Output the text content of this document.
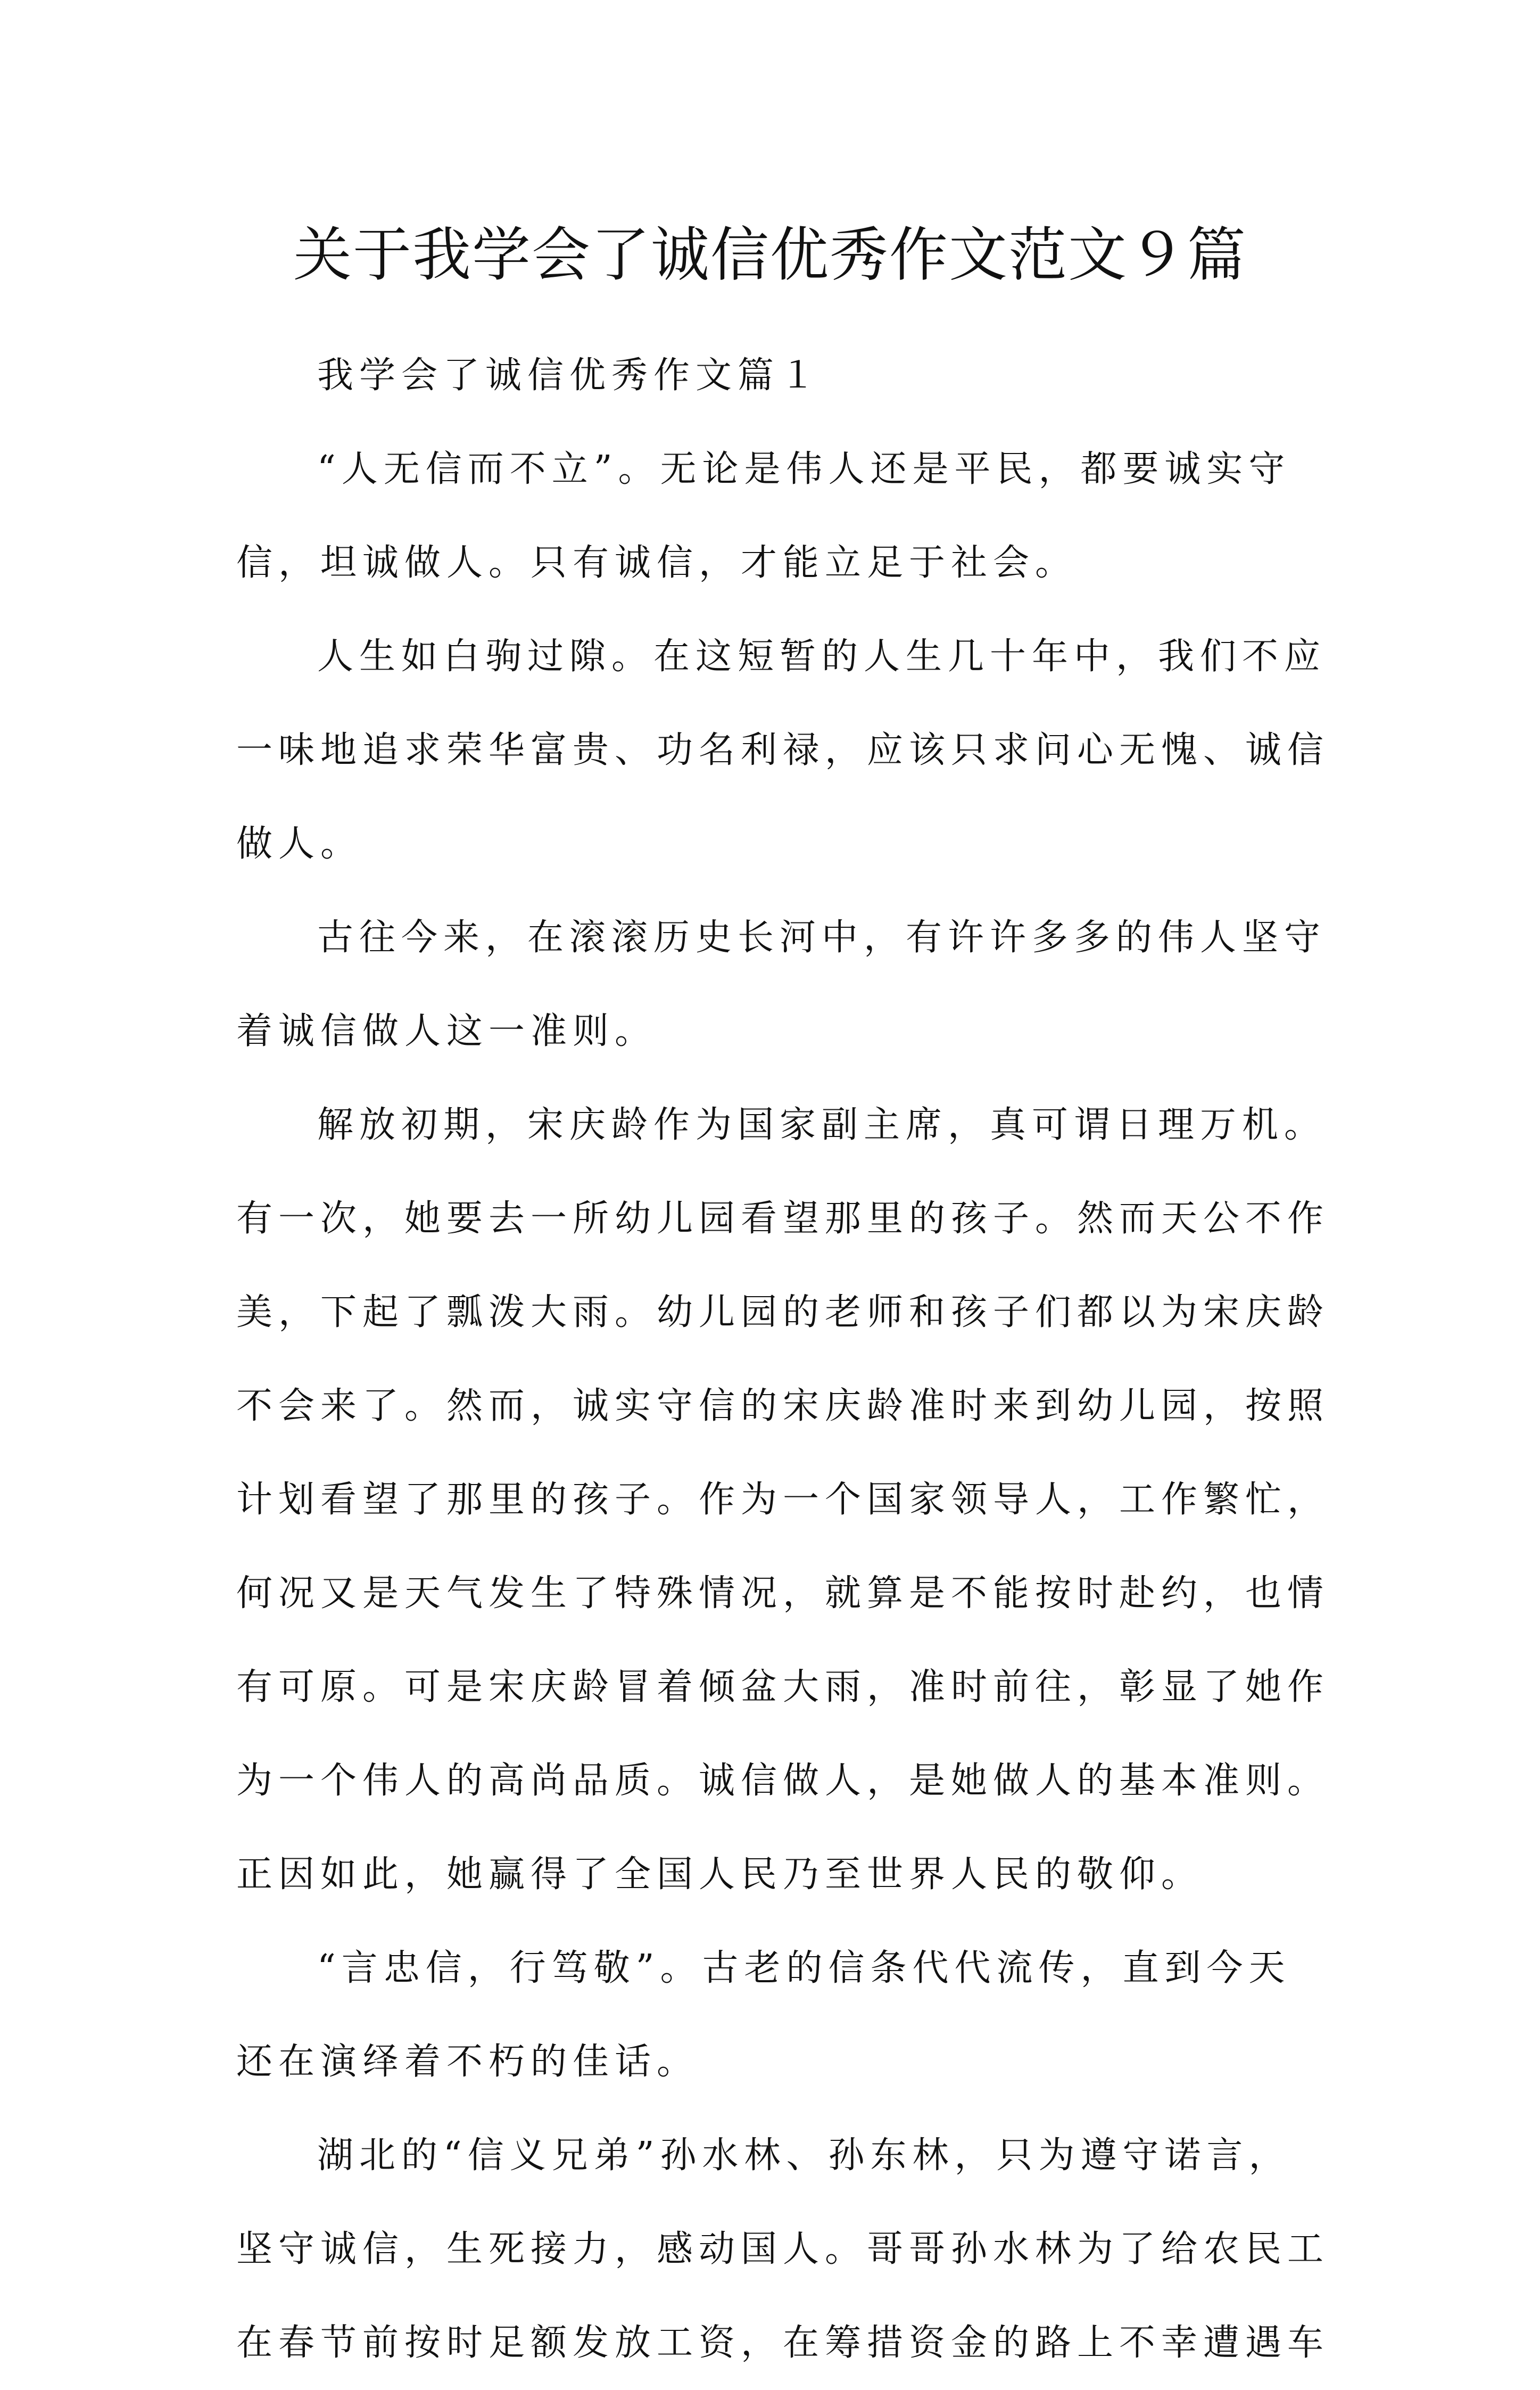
关于我学会了诚信优秀作文范文９篇
我学会了诚信优秀作文篇１
“人无信而不立”。无论是伟人还是平民，都要诚实守
信，坦诚做人。只有诚信，才能立足于社会。
人生如白驹过隙。在这短暂的人生几十年中，我们不应
一味地追求荣华富贵、功名利禄，应该只求问心无愧、诚信
做人。
古往今来，在滚滚历史长河中，有许许多多的伟人坚守
着诚信做人这一准则。
解放初期，宋庆龄作为国家副主席，真可谓日理万机。
有一次，她要去一所幼儿园看望那里的孩子。然而天公不作
美，下起了瓢泼大雨。幼儿园的老师和孩子们都以为宋庆龄
不会来了。然而，诚实守信的宋庆龄准时来到幼儿园，按照
计划看望了那里的孩子。作为一个国家领导人，工作繁忙，
何况又是天气发生了特殊情况，就算是不能按时赴约，也情
有可原。可是宋庆龄冒着倾盆大雨，准时前往，彰显了她作
为一个伟人的高尚品质。诚信做人，是她做人的基本准则。
正因如此，她赢得了全国人民乃至世界人民的敬仰。
“言忠信，行笃敬”。古老的信条代代流传，直到今天
还在演绎着不朽的佳话。
湖北的“信义兄弟”孙水林、孙东林，只为遵守诺言，
坚守诚信，生死接力，感动国人。哥哥孙水林为了给农民工
在春节前按时足额发放工资，在筹措资金的路上不幸遭遇车
